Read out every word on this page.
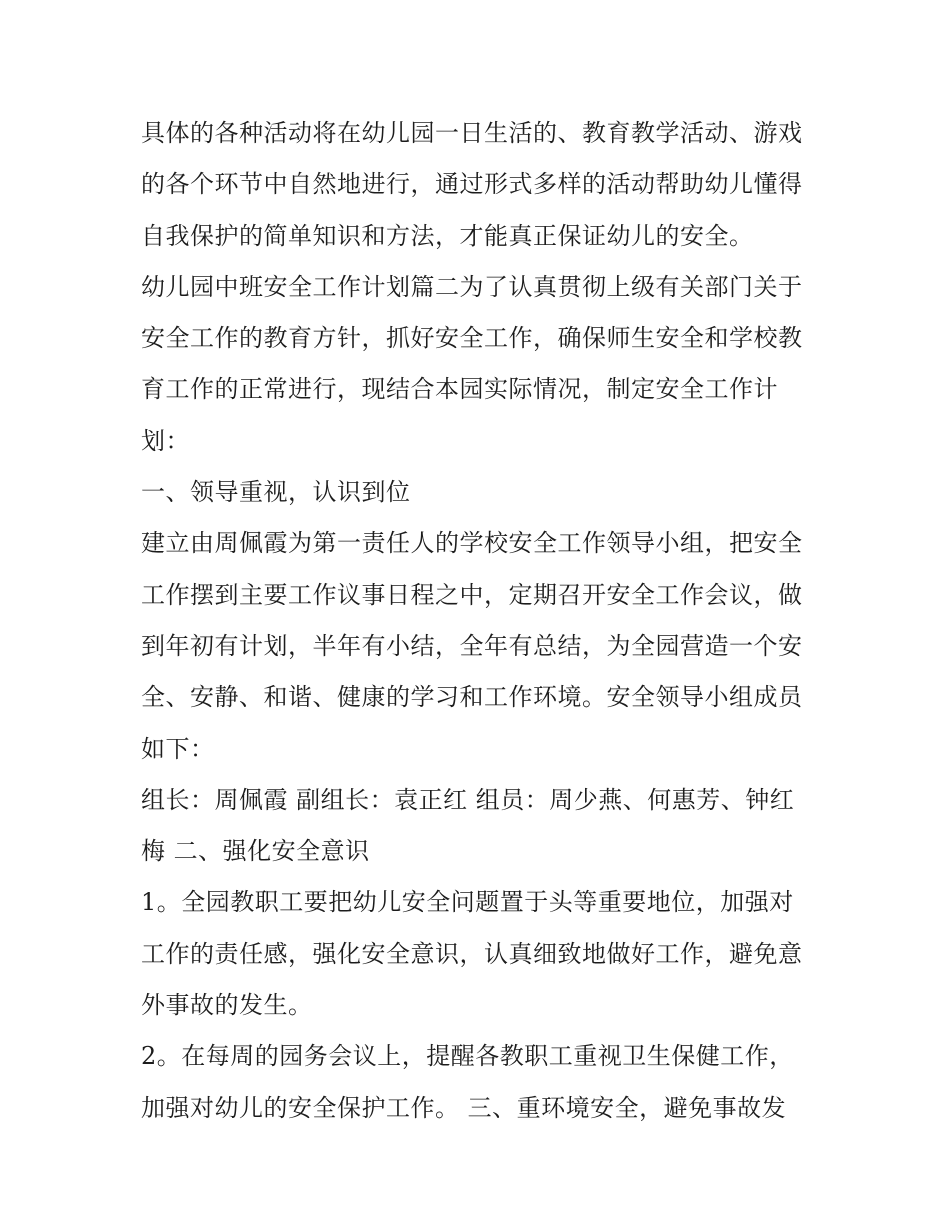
具体的各种活动将在幼儿园一日生活的、教育教学活动、游戏
的各个环节中自然地进行，通过形式多样的活动帮助幼儿懂得
自我保护的简单知识和方法，才能真正保证幼儿的安全。
幼儿园中班安全工作计划篇二为了认真贯彻上级有关部门关于
安全工作的教育方针，抓好安全工作，确保师生安全和学校教
育工作的正常进行，现结合本园实际情况，制定安全工作计
划：
一、领导重视，认识到位
建立由周佩霞为第一责任人的学校安全工作领导小组，把安全
工作摆到主要工作议事日程之中，定期召开安全工作会议，做
到年初有计划，半年有小结，全年有总结，为全园营造一个安
全、安静、和谐、健康的学习和工作环境。安全领导小组成员
如下：
组长：周佩霞 副组长：袁正红 组员：周少燕、何惠芳、钟红
梅 二、强化安全意识
1。全园教职工要把幼儿安全问题置于头等重要地位，加强对
工作的责任感，强化安全意识，认真细致地做好工作，避免意
外事故的发生。
2。在每周的园务会议上，提醒各教职工重视卫生保健工作，
加强对幼儿的安全保护工作。 三、重环境安全，避免事故发
